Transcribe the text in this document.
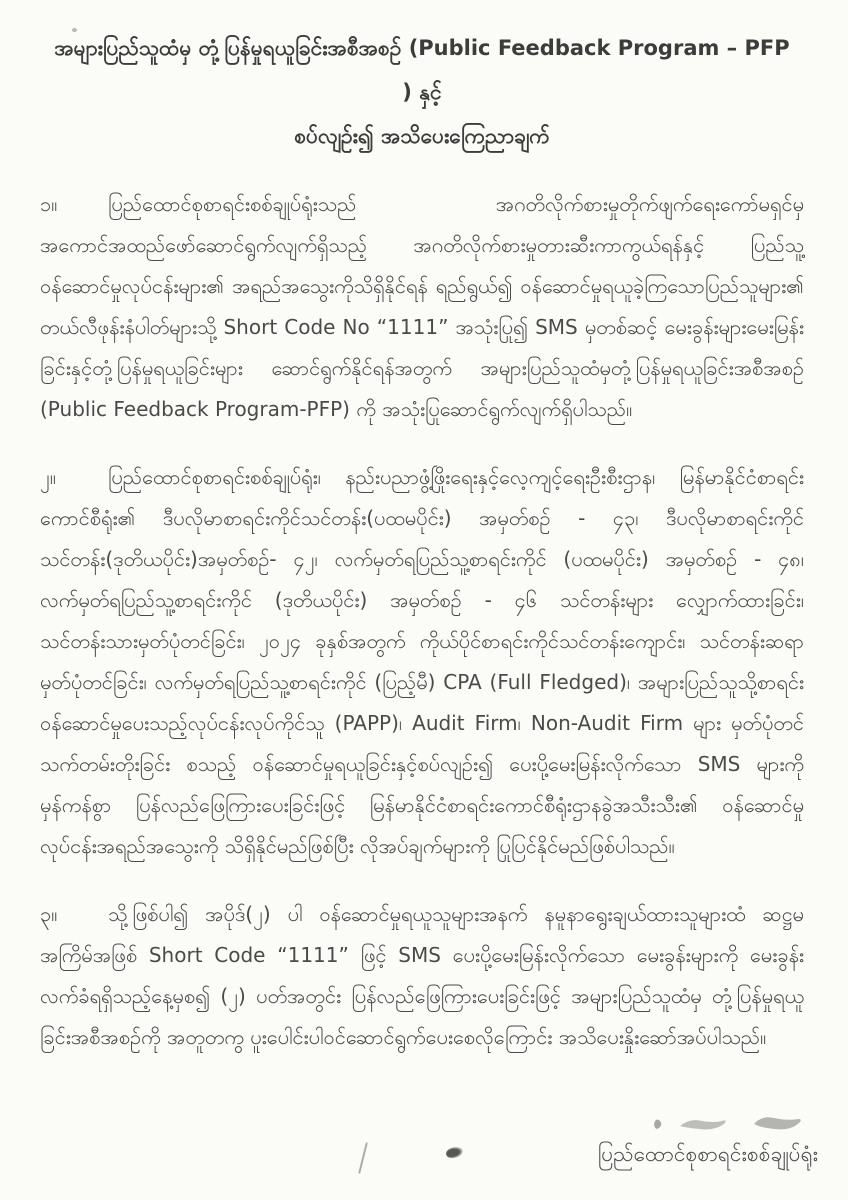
အများပြည်သူထံမှ တုံ့ပြန်မှုရယူခြင်းအစီအစဉ် (Public Feedback Program – PFP ) နှင့်
စပ်လျဉ်း၍ အသိပေးကြေညာချက်

၁။	ပြည်ထောင်စုစာရင်းစစ်ချုပ်ရုံးသည် အဂတိလိုက်စားမှုတိုက်ဖျက်ရေးကော်မရှင်မှ အကောင်အထည်ဖော်ဆောင်ရွက်လျက်ရှိသည့် အဂတိလိုက်စားမှုတားဆီးကာကွယ်ရန်နှင့် ပြည်သူ့ဝန်ဆောင်မှုလုပ်ငန်းများ၏ အရည်အသွေးကိုသိရှိနိုင်ရန် ရည်ရွယ်၍ ဝန်ဆောင်မှုရယူခဲ့ကြသောပြည်သူများ၏ တယ်လီဖုန်းနံပါတ်များသို့ Short Code No “1111” အသုံးပြု၍ SMS မှတစ်ဆင့် မေးခွန်းများမေးမြန်းခြင်းနှင့်တုံ့ပြန်မှုရယူခြင်းများ ဆောင်ရွက်နိုင်ရန်အတွက် အများပြည်သူထံမှတုံ့ပြန်မှုရယူခြင်းအစီအစဉ် (Public Feedback Program-PFP) ကို အသုံးပြုဆောင်ရွက်လျက်ရှိပါသည်။

၂။	ပြည်ထောင်စုစာရင်းစစ်ချုပ်ရုံး၊ နည်းပညာဖွံ့ဖြိုးရေးနှင့်လေ့ကျင့်ရေးဦးစီးဌာန၊ မြန်မာနိုင်ငံစာရင်းကောင်စီရုံး၏ ဒီပလိုမာစာရင်းကိုင်သင်တန်း(ပထမပိုင်း) အမှတ်စဉ် - ၄၃၊ ဒီပလိုမာစာရင်းကိုင်သင်တန်း(ဒုတိယပိုင်း)အမှတ်စဉ်- ၄၂၊ လက်မှတ်ရပြည်သူ့စာရင်းကိုင် (ပထမပိုင်း) အမှတ်စဉ် - ၄၈၊ လက်မှတ်ရပြည်သူ့စာရင်းကိုင် (ဒုတိယပိုင်း) အမှတ်စဉ် - ၄၆ သင်တန်းများ လျှောက်ထားခြင်း၊ သင်တန်းသားမှတ်ပုံတင်ခြင်း၊ ၂၀၂၄ ခုနှစ်အတွက် ကိုယ်ပိုင်စာရင်းကိုင်သင်တန်းကျောင်း၊ သင်တန်းဆရာမှတ်ပုံတင်ခြင်း၊ လက်မှတ်ရပြည်သူ့စာရင်းကိုင် (ပြည့်မီ) CPA (Full Fledged)၊ အများပြည်သူသို့စာရင်းဝန်ဆောင်မှုပေးသည့်လုပ်ငန်းလုပ်ကိုင်သူ (PAPP)၊ Audit Firm၊ Non-Audit Firm များ မှတ်ပုံတင် သက်တမ်းတိုးခြင်း စသည့် ဝန်ဆောင်မှုရယူခြင်းနှင့်စပ်လျဉ်း၍ ပေးပို့မေးမြန်းလိုက်သော SMS များကို မှန်ကန်စွာ ပြန်လည်ဖြေကြားပေးခြင်းဖြင့် မြန်မာနိုင်ငံစာရင်းကောင်စီရုံးဌာနခွဲအသီးသီး၏ ဝန်ဆောင်မှုလုပ်ငန်းအရည်အသွေးကို သိရှိနိုင်မည်ဖြစ်ပြီး လိုအပ်ချက်များကို ပြုပြင်နိုင်မည်ဖြစ်ပါသည်။

၃။	သို့ဖြစ်ပါ၍ အပိုဒ်(၂) ပါ ဝန်ဆောင်မှုရယူသူများအနက် နမူနာရွေးချယ်ထားသူများထံ ဆဋ္ဌမအကြိမ်အဖြစ် Short Code “1111” ဖြင့် SMS ပေးပို့မေးမြန်းလိုက်သော မေးခွန်းများကို မေးခွန်းလက်ခံရရှိသည့်နေ့မှစ၍ (၂) ပတ်အတွင်း ပြန်လည်ဖြေကြားပေးခြင်းဖြင့် အများပြည်သူထံမှ တုံ့ပြန်မှုရယူခြင်းအစီအစဉ်ကို အတူတကွ ပူးပေါင်းပါဝင်ဆောင်ရွက်ပေးစေလိုကြောင်း အသိပေးနှိုးဆော်အပ်ပါသည်။

ပြည်ထောင်စုစာရင်းစစ်ချုပ်ရုံး
